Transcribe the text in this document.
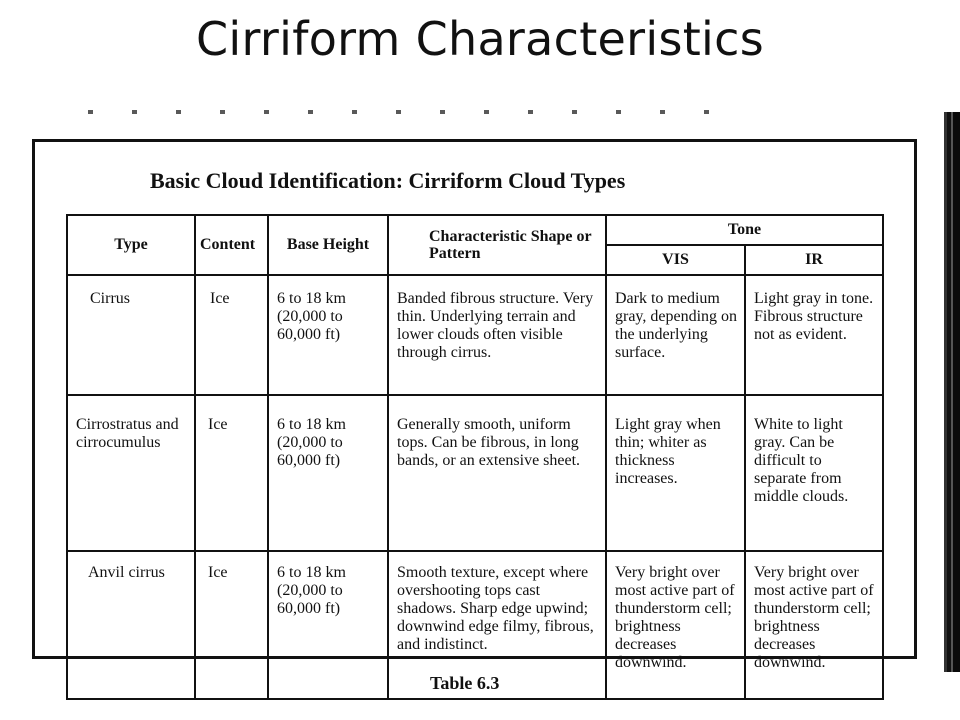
Cirriform Characteristics
Basic Cloud Identification: Cirriform Cloud Types
Type	Content	Base Height	Characteristic Shape or Pattern	Tone	
				VIS	IR
Cirrus	Ice	6 to 18 km (20,000 to 60,000 ft)	Banded fibrous structure. Very thin. Underlying terrain and lower clouds often visible through cirrus.	Dark to medium gray, depending on the underlying surface.	Light gray in tone. Fibrous structure not as evident.
Cirrostratus and cirrocumulus	Ice	6 to 18 km (20,000 to 60,000 ft)	Generally smooth, uniform tops. Can be fibrous, in long bands, or an extensive sheet.	Light gray when thin; whiter as thickness increases.	White to light gray. Can be difficult to separate from middle clouds.
Anvil cirrus	Ice	6 to 18 km (20,000 to 60,000 ft)	Smooth texture, except where overshooting tops cast shadows. Sharp edge upwind; downwind edge filmy, fibrous, and indistinct.	Very bright over most active part of thunderstorm cell; brightness decreases downwind.	Very bright over most active part of thunderstorm cell; brightness decreases downwind.
Table 6.3
